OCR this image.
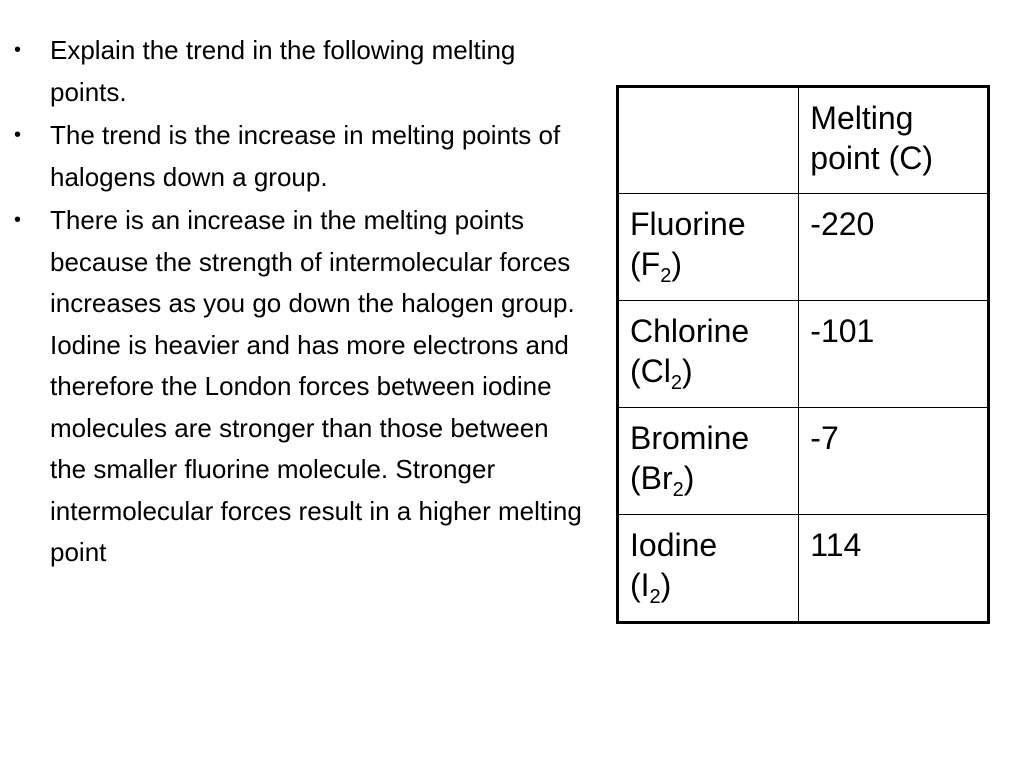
•	Explain the trend in the following melting points.
•	The trend is the increase in melting points of halogens down a group.
•	There is an increase in the melting points because the strength of intermolecular forces increases as you go down the halogen group. Iodine is heavier and has more electrons and therefore the London forces between iodine molecules are stronger than those between the smaller fluorine molecule. Stronger intermolecular forces result in a higher melting point
	Melting point (C)
Fluorine
$(F_2)$	-220
Chlorine
$(Cl_2)$	-101
Bromine
$(Br_2)$	-7
Iodine
$(I_2)$	114
